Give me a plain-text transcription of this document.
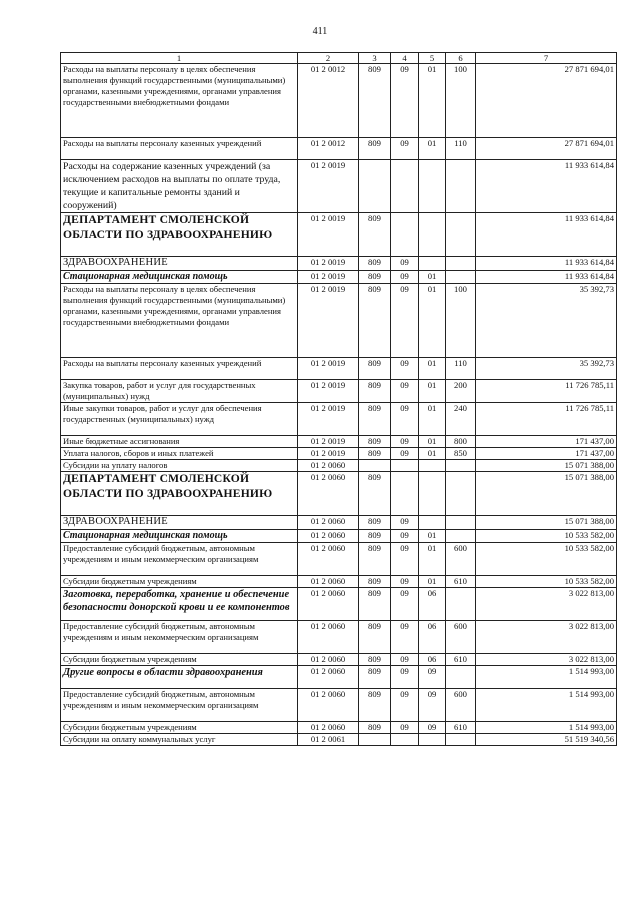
411
1	2	3	4	5	6	7
Расходы на выплаты персоналу в целях обеспечения выполнения функций государственными (муниципальными) органами, казенными учреждениями, органами управления государственными внебюджетными фондами	01 2 0012	809	09	01	100	27 871 694,01
Расходы на выплаты персоналу казенных учреждений	01 2 0012	809	09	01	110	27 871 694,01
Расходы на содержание казенных учреждений (за исключением расходов на выплаты по оплате труда, текущие и капитальные ремонты зданий и сооружений)	01 2 0019					11 933 614,84
ДЕПАРТАМЕНТ СМОЛЕНСКОЙ ОБЛАСТИ ПО ЗДРАВООХРАНЕНИЮ	01 2 0019	809				11 933 614,84
ЗДРАВООХРАНЕНИЕ	01 2 0019	809	09			11 933 614,84
Стационарная медицинская помощь	01 2 0019	809	09	01		11 933 614,84
Расходы на выплаты персоналу в целях обеспечения выполнения функций государственными (муниципальными) органами, казенными учреждениями, органами управления государственными внебюджетными фондами	01 2 0019	809	09	01	100	35 392,73
Расходы на выплаты персоналу казенных учреждений	01 2 0019	809	09	01	110	35 392,73
Закупка товаров, работ и услуг для государственных (муниципальных) нужд	01 2 0019	809	09	01	200	11 726 785,11
Иные закупки товаров, работ и услуг для обеспечения государственных (муниципальных) нужд	01 2 0019	809	09	01	240	11 726 785,11
Иные бюджетные ассигнования	01 2 0019	809	09	01	800	171 437,00
Уплата налогов, сборов и иных платежей	01 2 0019	809	09	01	850	171 437,00
Субсидии на уплату налогов	01 2 0060					15 071 388,00
ДЕПАРТАМЕНТ СМОЛЕНСКОЙ ОБЛАСТИ ПО ЗДРАВООХРАНЕНИЮ	01 2 0060	809				15 071 388,00
ЗДРАВООХРАНЕНИЕ	01 2 0060	809	09			15 071 388,00
Стационарная медицинская помощь	01 2 0060	809	09	01		10 533 582,00
Предоставление субсидий бюджетным, автономным учреждениям и иным некоммерческим организациям	01 2 0060	809	09	01	600	10 533 582,00
Субсидии бюджетным учреждениям	01 2 0060	809	09	01	610	10 533 582,00
Заготовка, переработка, хранение и обеспечение безопасности донорской крови и ее компонентов	01 2 0060	809	09	06		3 022 813,00
Предоставление субсидий бюджетным, автономным учреждениям и иным некоммерческим организациям	01 2 0060	809	09	06	600	3 022 813,00
Субсидии бюджетным учреждениям	01 2 0060	809	09	06	610	3 022 813,00
Другие вопросы в области здравоохранения	01 2 0060	809	09	09		1 514 993,00
Предоставление субсидий бюджетным, автономным учреждениям и иным некоммерческим организациям	01 2 0060	809	09	09	600	1 514 993,00
Субсидии бюджетным учреждениям	01 2 0060	809	09	09	610	1 514 993,00
Субсидии на оплату коммунальных услуг	01 2 0061					51 519 340,56
